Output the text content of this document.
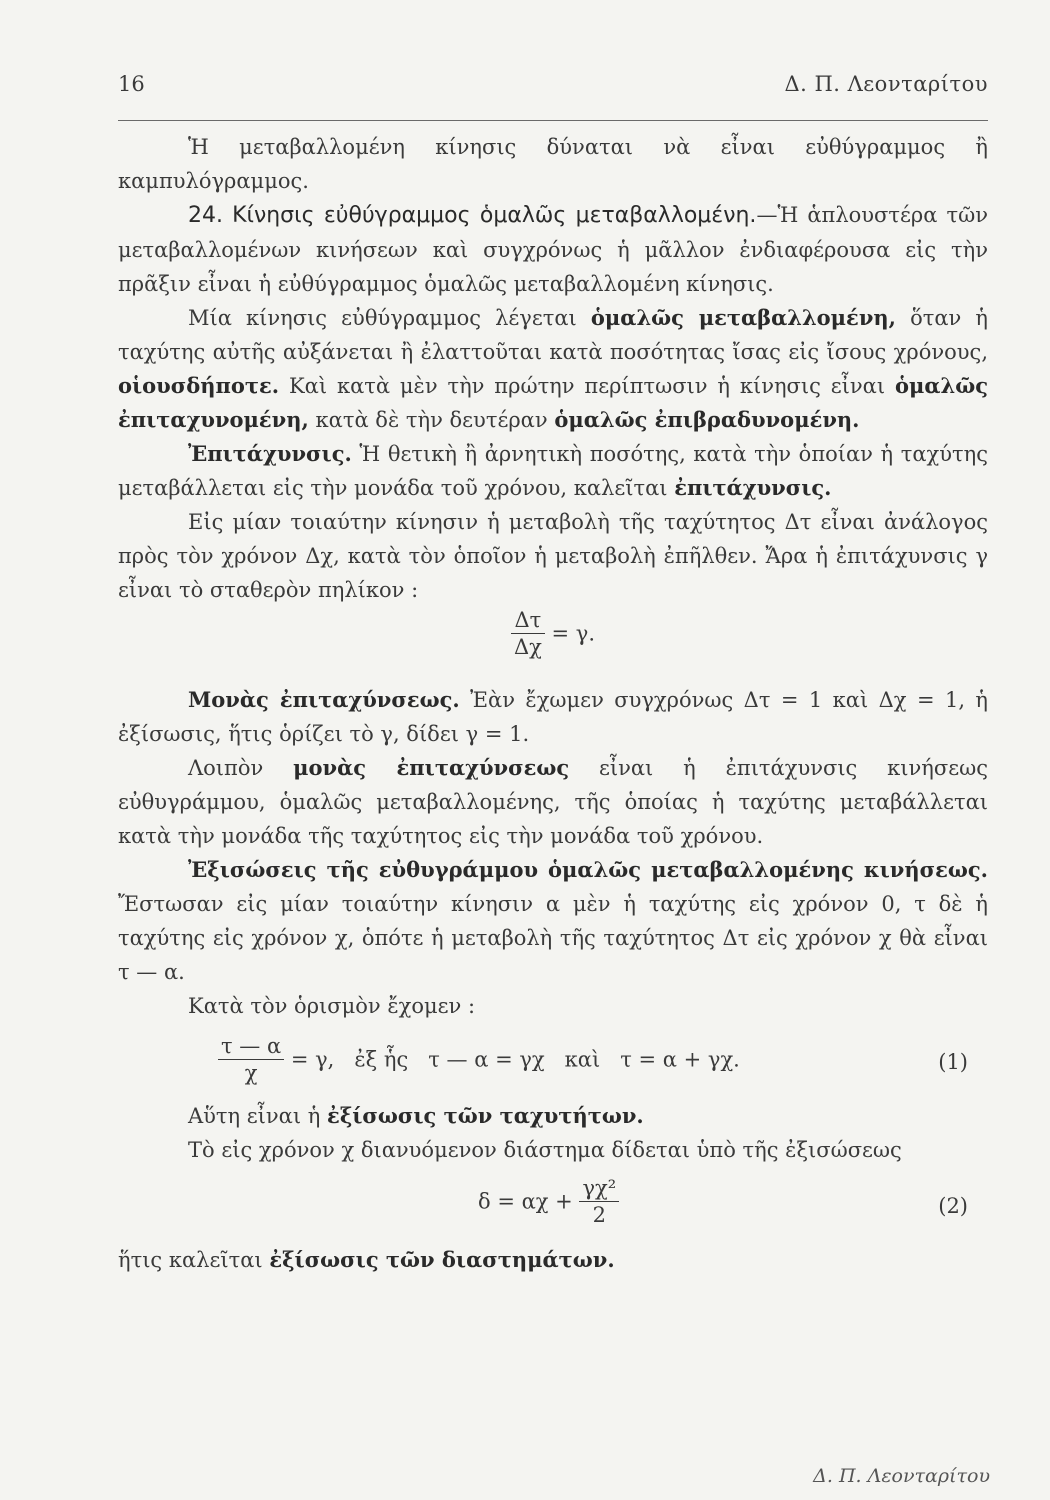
16	Δ. Π. Λεονταρίτου

Ἡ μεταβαλλομένη κίνησις δύναται νὰ εἶναι εὐθύγραμμος ἢ καμπυλόγραμμος.

24. Κίνησις εὐθύγραμμος ὁμαλῶς μεταβαλλομένη.—Ἡ ἁπλουστέρα τῶν μεταβαλλομένων κινήσεων καὶ συγχρόνως ἡ μᾶλλον ἐνδιαφέρουσα εἰς τὴν πρᾶξιν εἶναι ἡ εὐθύγραμμος ὁμαλῶς μεταβαλλομένη κίνησις.

Μία κίνησις εὐθύγραμμος λέγεται ὁμαλῶς μεταβαλλομένη, ὅταν ἡ ταχύτης αὐτῆς αὐξάνεται ἢ ἐλαττοῦται κατὰ ποσότητας ἴσας εἰς ἴσους χρόνους, οἱουσδήποτε. Καὶ κατὰ μὲν τὴν πρώτην περίπτωσιν ἡ κίνησις εἶναι ὁμαλῶς ἐπιταχυνομένη, κατὰ δὲ τὴν δευτέραν ὁμαλῶς ἐπιβραδυνομένη.

Ἐπιτάχυνσις. Ἡ θετικὴ ἢ ἀρνητικὴ ποσότης, κατὰ τὴν ὁποίαν ἡ ταχύτης μεταβάλλεται εἰς τὴν μονάδα τοῦ χρόνου, καλεῖται ἐπιτάχυνσις.

Εἰς μίαν τοιαύτην κίνησιν ἡ μεταβολὴ τῆς ταχύτητος Δτ εἶναι ἀνάλογος πρὸς τὸν χρόνον Δχ, κατὰ τὸν ὁποῖον ἡ μεταβολὴ ἐπῆλθεν. Ἄρα ἡ ἐπιτάχυνσις γ εἶναι τὸ σταθερὸν πηλίκον :

$\frac{\Delta\tau}{\Delta\chi} = \gamma$.

Μονὰς ἐπιταχύνσεως. Ἐὰν ἔχωμεν συγχρόνως Δτ = 1 καὶ Δχ = 1, ἡ ἐξίσωσις, ἥτις ὁρίζει τὸ γ, δίδει γ = 1.

Λοιπὸν μονὰς ἐπιταχύνσεως εἶναι ἡ ἐπιτάχυνσις κινήσεως εὐθυγράμμου, ὁμαλῶς μεταβαλλομένης, τῆς ὁποίας ἡ ταχύτης μεταβάλλεται κατὰ τὴν μονάδα τῆς ταχύτητος εἰς τὴν μονάδα τοῦ χρόνου.

Ἐξισώσεις τῆς εὐθυγράμμου ὁμαλῶς μεταβαλλομένης κινήσεως. Ἔστωσαν εἰς μίαν τοιαύτην κίνησιν α μὲν ἡ ταχύτης εἰς χρόνον 0, τ δὲ ἡ ταχύτης εἰς χρόνον χ, ὁπότε ἡ μεταβολὴ τῆς ταχύτητος Δτ εἰς χρόνον χ θὰ εἶναι τ — α.

Κατὰ τὸν ὁρισμὸν ἔχομεν :

$\frac{\tau — \alpha}{\chi} = \gamma$,   ἐξ ἧς   τ — α = γχ   καὶ   τ = α + γχ.	(1)

Αὕτη εἶναι ἡ ἐξίσωσις τῶν ταχυτήτων.

Τὸ εἰς χρόνον χ διανυόμενον διάστημα δίδεται ὑπὸ τῆς ἐξισώσεως

$\delta = \alpha\chi + \frac{\text{γχ²}}{2}$	(2)

ἥτις καλεῖται ἐξίσωσις τῶν διαστημάτων.

Δ. Π. Λεονταρίτου
